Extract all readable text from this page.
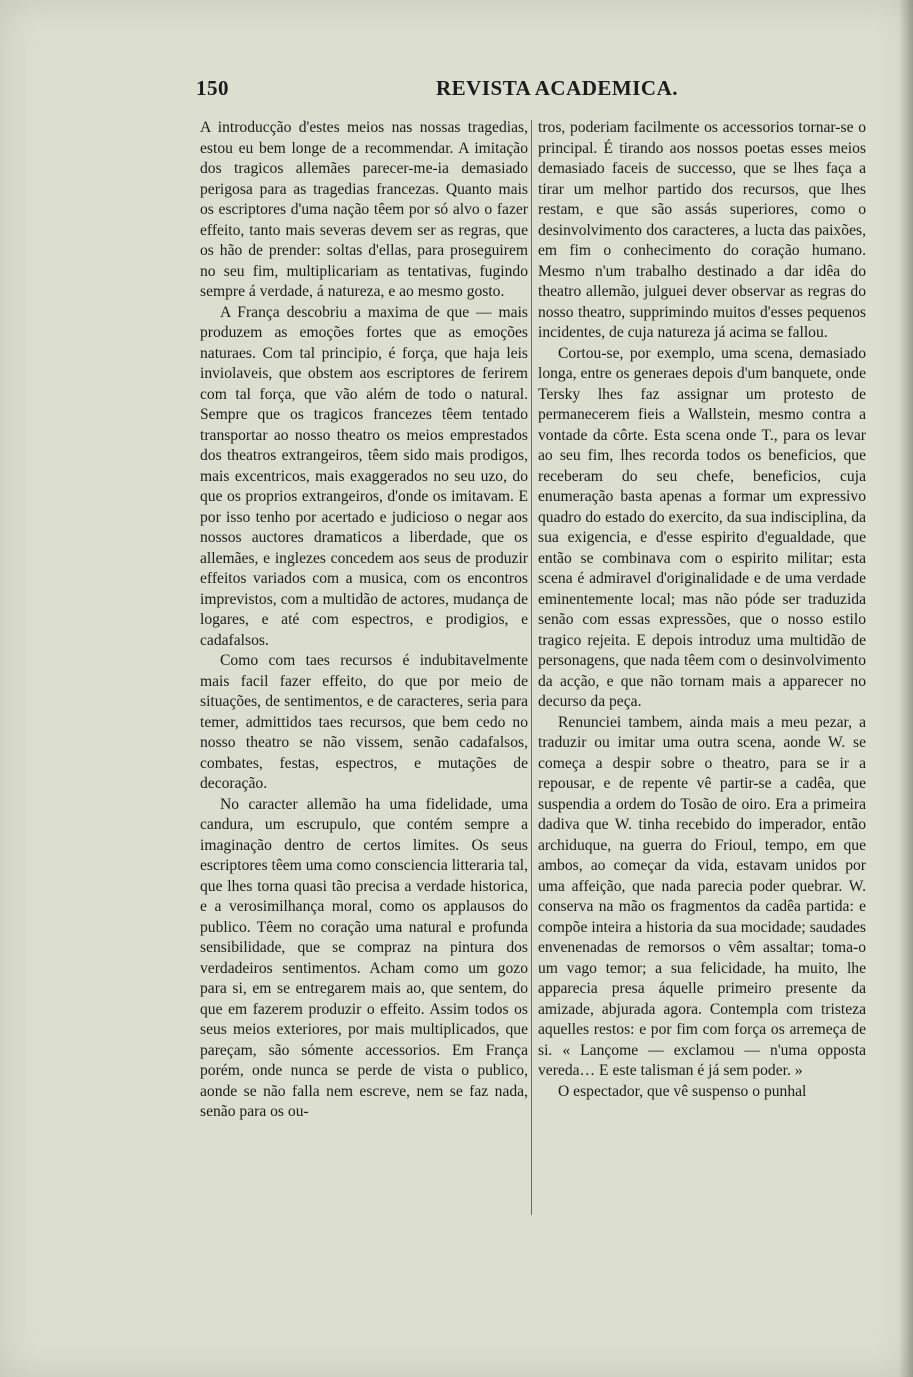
150	REVISTA ACADEMICA.

A introducção d'estes meios nas nossas tragedias, estou eu bem longe de a recommendar. A imitação dos tragicos allemães parecer-me-ia demasiado perigosa para as tragedias francezas. Quanto mais os escriptores d'uma nação têem por só alvo o fazer effeito, tanto mais severas devem ser as regras, que os hão de prender: soltas d'ellas, para proseguirem no seu fim, multiplicariam as tentativas, fugindo sempre á verdade, á natureza, e ao mesmo gosto.

A França descobriu a maxima de que — mais produzem as emoções fortes que as emoções naturaes. Com tal principio, é força, que haja leis inviolaveis, que obstem aos escriptores de ferirem com tal força, que vão além de todo o natural. Sempre que os tragicos francezes têem tentado transportar ao nosso theatro os meios emprestados dos theatros extrangeiros, têem sido mais prodigos, mais excentricos, mais exaggerados no seu uzo, do que os proprios extrangeiros, d'onde os imitavam. E por isso tenho por acertado e judicioso o negar aos nossos auctores dramaticos a liberdade, que os allemães, e inglezes concedem aos seus de produzir effeitos variados com a musica, com os encontros imprevistos, com a multidão de actores, mudança de logares, e até com espectros, e prodigios, e cadafalsos.

Como com taes recursos é indubitavelmente mais facil fazer effeito, do que por meio de situações, de sentimentos, e de caracteres, seria para temer, admittidos taes recursos, que bem cedo no nosso theatro se não vissem, senão cadafalsos, combates, festas, espectros, e mutações de decoração.

No caracter allemão ha uma fidelidade, uma candura, um escrupulo, que contém sempre a imaginação dentro de certos limites. Os seus escriptores têem uma como consciencia litteraria tal, que lhes torna quasi tão precisa a verdade historica, e a verosimilhança moral, como os applausos do publico. Têem no coração uma natural e profunda sensibilidade, que se compraz na pintura dos verdadeiros sentimentos. Acham como um gozo para si, em se entregarem mais ao, que sentem, do que em fazerem produzir o effeito. Assim todos os seus meios exteriores, por mais multiplicados, que pareçam, são sómente accessorios. Em França porém, onde nunca se perde de vista o publico, aonde se não falla nem escreve, nem se faz nada, senão para os ou-

tros, poderiam facilmente os accessorios tornar-se o principal. É tirando aos nossos poetas esses meios demasiado faceis de successo, que se lhes faça a tirar um melhor partido dos recursos, que lhes restam, e que são assás superiores, como o desinvolvimento dos caracteres, a lucta das paixões, em fim o conhecimento do coração humano. Mesmo n'um trabalho destinado a dar idêa do theatro allemão, julguei dever observar as regras do nosso theatro, supprimindo muitos d'esses pequenos incidentes, de cuja natureza já acima se fallou.

Cortou-se, por exemplo, uma scena, demasiado longa, entre os generaes depois d'um banquete, onde Tersky lhes faz assignar um protesto de permanecerem fieis a Wallstein, mesmo contra a vontade da côrte. Esta scena onde T., para os levar ao seu fim, lhes recorda todos os beneficios, que receberam do seu chefe, beneficios, cuja enumeração basta apenas a formar um expressivo quadro do estado do exercito, da sua indisciplina, da sua exigencia, e d'esse espirito d'egualdade, que então se combinava com o espirito militar; esta scena é admiravel d'originalidade e de uma verdade eminentemente local; mas não póde ser traduzida senão com essas expressões, que o nosso estilo tragico rejeita. E depois introduz uma multidão de personagens, que nada têem com o desinvolvimento da acção, e que não tornam mais a apparecer no decurso da peça.

Renunciei tambem, ainda mais a meu pezar, a traduzir ou imitar uma outra scena, aonde W. se começa a despir sobre o theatro, para se ir a repousar, e de repente vê partir-se a cadêa, que suspendia a ordem do Tosão de oiro. Era a primeira dadiva que W. tinha recebido do imperador, então archiduque, na guerra do Frioul, tempo, em que ambos, ao começar da vida, estavam unidos por uma affeição, que nada parecia poder quebrar. W. conserva na mão os fragmentos da cadêa partida: e compõe inteira a historia da sua mocidade; saudades envenenadas de remorsos o vêm assaltar; toma-o um vago temor; a sua felicidade, ha muito, lhe apparecia presa áquelle primeiro presente da amizade, abjurada agora. Contempla com tristeza aquelles restos: e por fim com força os arremeça de si. « Lançome — exclamou — n'uma opposta vereda… E este talisman é já sem poder. »

O espectador, que vê suspenso o punhal
